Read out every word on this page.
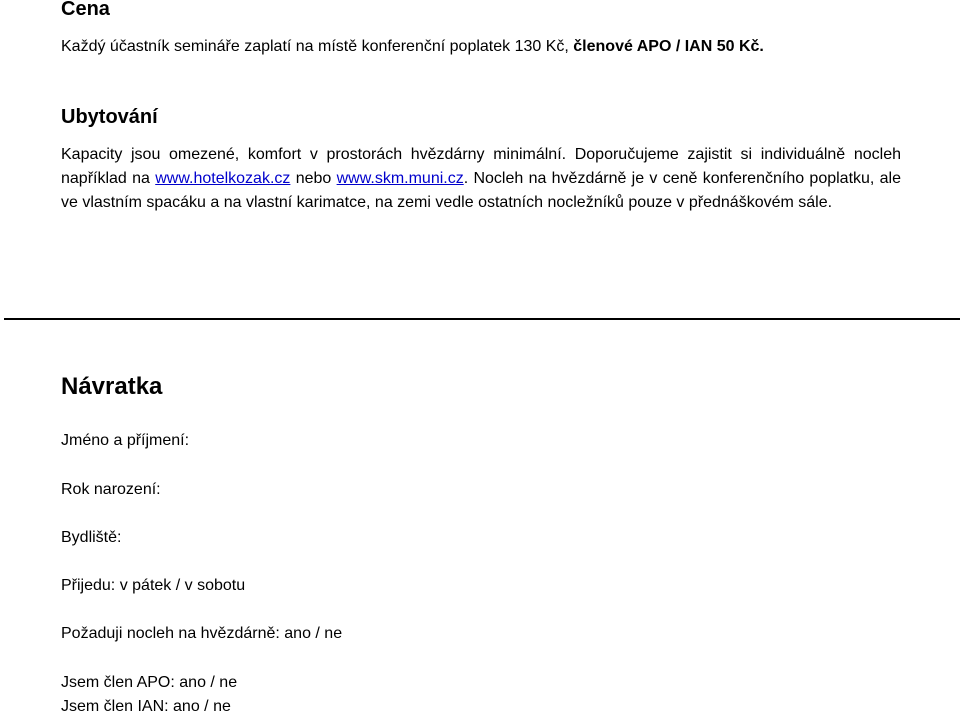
Cena
Každý účastník semináře zaplatí na místě konferenční poplatek 130 Kč, členové APO / IAN 50 Kč.
Ubytování
Kapacity jsou omezené, komfort v prostorách hvězdárny minimální. Doporučujeme zajistit si individuálně nocleh například na www.hotelkozak.cz nebo www.skm.muni.cz. Nocleh na hvězdárně je v ceně konferenčního poplatku, ale ve vlastním spacáku a na vlastní karimatce, na zemi vedle ostatních nocležníků pouze v přednáškovém sále.
Návratka
Jméno a příjmení:
Rok narození:
Bydliště:
Přijedu: v pátek / v sobotu
Požaduji nocleh na hvězdárně: ano / ne
Jsem člen APO: ano / ne
Jsem člen IAN: ano / ne
